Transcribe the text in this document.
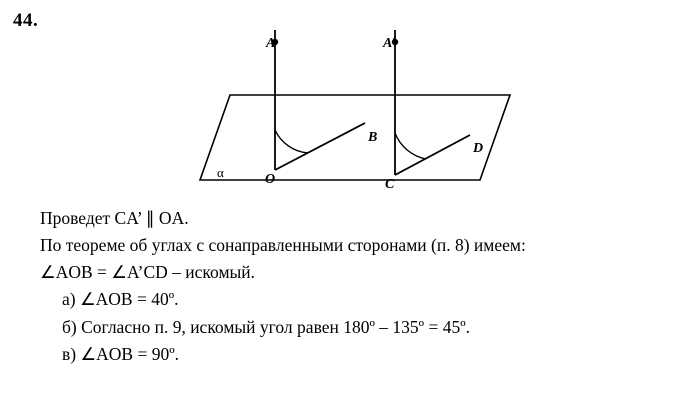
44.
A	A’
B
D
O	C
α
Проведет CA’ ∥ OA.
По теореме об углах с сонаправленными сторонами (п. 8) имеем:
∠AOB = ∠A’CD – искомый.
а) ∠AOB = 40º.
б) Согласно п. 9, искомый угол равен 180º – 135º = 45º.
в) ∠AOB = 90º.
